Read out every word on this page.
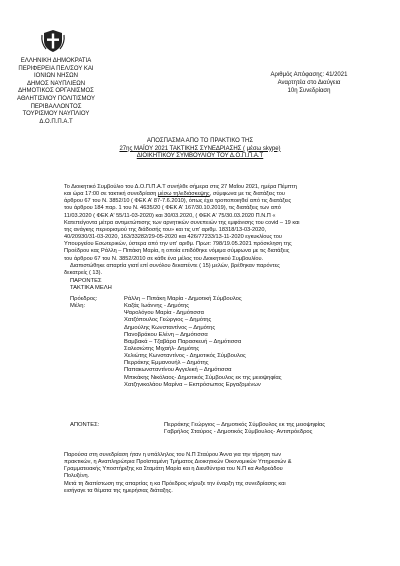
ΕΛΛΗΝΙΚΗ ΔΗΜΟΚΡΑΤΙΑ
ΠΕΡΙΦΕΡΕΙΑ ΠΕΛ/ΣΟΥ ΚΑΙ
ΙΟΝΙΩΝ ΝΗΣΩΝ
ΔΗΜΟΣ ΝΑΥΠΛΙΕΩΝ
ΔΗΜΟΤΙΚΟΣ ΟΡΓΑΝΙΣΜΟΣ
ΑΘΛΗΤΙΣΜΟΥ ΠΟΛΙΤΙΣΜΟΥ
ΠΕΡΙΒΑΛΛΟΝΤΟΣ
ΤΟΥΡΙΣΜΟΥ ΝΑΥΠΛΙΟΥ
Δ.Ο.Π.Π.Α.Τ
Αριθμός Απόφασης: 41/2021
Αναρτητέα στο Διαύγεια
10η Συνεδρίαση
ΑΠΟΣΠΑΣΜΑ ΑΠΟ ΤΟ ΠΡΑΚΤΙΚΟ ΤΗΣ
27ης ΜΑΪΟΥ 2021 ΤΑΚΤΙΚΗΣ ΣΥΝΕΔΡΙΑΣΗΣ ( μέσω skype)
ΔΙΟΙΚΗΤΙΚΟΥ ΣΥΜΒΟΥΛΙΟΥ ΤΟΥ Δ.Ο.Π.Π.Α.Τ
Το Διοικητικό Συμβούλιο του Δ.Ο.Π.Π.Α.Τ συνήλθε σήμερα στις 27 Μαΐου 2021, ημέρα Πέμπτη
και ώρα 17:00 σε τακτική συνεδρίαση μέσω τηλεδιάσκεψης, σύμφωνα με τις διατάξεις του
άρθρου 67 του Ν. 3852/10 ( ΦΕΚ Α' 87-7.6.2010), όπως έχει τροποποιηθεί από τις διατάξεις
του άρθρου 184 παρ. 1 του Ν. 4635/20 ( ΦΕΚ Α' 167/30.10.2019), τις διατάξεις των από
11/03.2020 ( ΦΕΚ Α' 55/11-03-2020) και 30/03.2020, ( ΦΕΚ Α' 75/30.03.2020 Π.Ν.Π «
Κατεπείγοντα μέτρα αντιμετώπισης των αρνητικών συνεπειών της εμφάνισης του covid – 19 και
της ανάγκης περιορισμού της διάδοσής του» και τις υπ' αριθμ. 18318/13-03-2020,
40/20930/31-03-2020, 163/33282/29-05-2020 και 426/77233/13-11-2020 εγκυκλίους του
Υπουργείου Εσωτερικών, ύστερα από την υπ' αριθμ. Πρωτ: 798/19.05.2021 πρόσκληση της
Προέδρου κας Ράλλη – Πιπάκη Μαρία, η οποία επιδόθηκε νόμιμα σύμφωνα με τις διατάξεις
του άρθρου 67 του Ν. 3852/2010 σε κάθε ένα μέλος του Διοικητικού Συμβουλίου.
Διαπιστώθηκε απαρτία γιατί επί συνόλου δεκαπέντε ( 15) μελών, βρέθηκαν παρόντες
δεκατρείς ( 13).
ΠΑΡΟΝΤΕΣ
ΤΑΚΤΙΚΑ ΜΕΛΗ
Πρόεδρος:	Ράλλη – Πιπάκη Μαρία - Δημοτική Σύμβουλος
Μέλη:	Καζάς Ιωάννης - Δημότης
Ψαρολόγου Μαρία - Δημότισσα
Χατζόπουλος Γεώργιος – Δημότης
Δημούλης Κωνσταντίνος – Δημότης
Πανοβράκου Ελένη – Δημότισσα
Βαμβακά – Τζαβάρα Παρασκευή – Δημότισσα
Σαλεσιώτης Μιχαήλ- Δημότης
Χελιώτης Κωνσταντίνος - Δημοτικός Σύμβουλος
Περράκης Εμμανουήλ – Δημότης
Παπακωνσταντίνου Αγγελική – Δημότισσα
Μπικάκης Νικόλαος- Δημοτικός Σύμβουλος εκ της μειοψηφίας
Χατζηνικολάου Μαρίνα – Εκπρόσωπος Εργαζομένων
ΑΠΟΝΤΕΣ:	Περράκης Γεώργιος – Δημοτικός Σύμβουλος εκ της μειοψηφίας
Γαβρήλος Σταύρος - Δημοτικός Σύμβουλος- Αντιπρόεδρος
Παρούσα στη συνεδρίαση ήταν η υπάλληλος του Ν.Π Σταύρου Άννα για την τήρηση των
πρακτικών, η Αναπληρώτρια Προϊσταμένη Τμήματος Διοικητικών Οικονομικών Υπηρεσιών &
Γραμματειακής Υποστήριξης κα Σταμάτη Μαρία και η Διευθύντρια του Ν.Π κα Ανδρεάδου
Πολυξένη.
Μετά τη διαπίστωση της απαρτίας η κα Πρόεδρος κήρυξε την έναρξη της συνεδρίασης και
εισήγαγε τα θέματα της ημερήσιας διάταξης.
